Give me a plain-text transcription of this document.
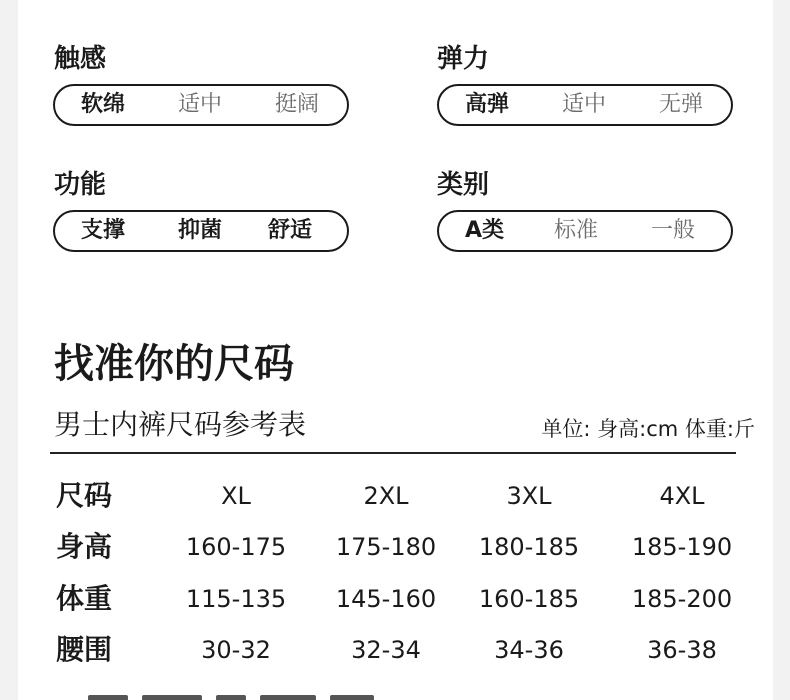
触感
软绵 适中 挺阔
弹力
高弹 适中 无弹
功能
支撑 抑菌 舒适
类别
A类 标准 一般
找准你的尺码
男士内裤尺码参考表	单位: 身高:cm 体重:斤
尺码	XL	2XL	3XL	4XL
身高	160-175	175-180	180-185	185-190
体重	115-135	145-160	160-185	185-200
腰围	30-32	32-34	34-36	36-38
